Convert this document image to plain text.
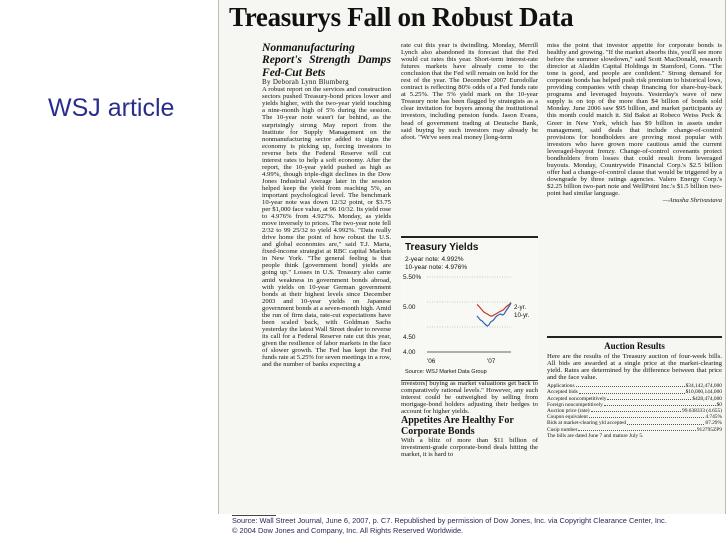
WSJ article
Treasurys Fall on Robust Data

Nonmanufacturing Report's Strength Damps Fed-Cut Bets

By Deborah Lynn Blumberg

A robust report on the services and construction sectors pushed Treasury-bond prices lower and yields higher, with the two-year yield touching a nine-month high of 5% during the session. The 10-year note wasn't far behind, as the surprisingly strong May report from the Institute for Supply Management on the nonmanufacturing sector added to signs the economy is picking up, forcing investors to reverse bets the Federal Reserve will cut interest rates to help a soft economy. After the report, the 10-year yield pushed as high as 4.99%, though triple-digit declines in the Dow Jones Industrial Average later in the session helped keep the yield from reaching 5%, an important psychological level. The benchmark 10-year note was down 12/32 point, or $3.75 per $1,000 face value, at 96 10/32. Its yield rose to 4.976% from 4.927%. Monday, as yields move inversely to prices. The two-year note fell 2/32 to 99 25/32 to yield 4.992%. "Data really drive home the point of how robust the U.S. and global economies are," said T.J. Marta, fixed-income strategist at RBC capital Markets in New York. "The general feeling is that people think [government bond] yields are going up." Losses in U.S. Treasury also came amid weakness in government bonds abroad, with yields on 10-year German government bonds at their highest levels since December 2003 and 10-year yields on Japanese government bonds at a seven-month high. Amid the run of firm data, rate-cut expectations have been scaled back, with Goldman Sachs yesterday the latest Wall Street dealer to reverse its call for a Federal Reserve rate cut this year, given the resilience of labor markets in the face of slower growth. The Fed has kept the Fed funds rate at 5.25% for seven meetings in a row, and the number of banks expecting a

rate cut this year is dwindling. Monday, Merrill Lynch also abandoned its forecast that the Fed would cut rates this year. Short-term interest-rate futures markets have already come to the conclusion that the Fed will remain on hold for the rest of the year. The December 2007 Eurodollar contract is reflecting 80% odds of a Fed funds rate at 5.25%. The 5% yield mark on the 10-year Treasury note has been flagged by strategists as a clear invitation for buyers among the institutional investors, including pension funds. Jason Evans, head of government trading at Deutsche Bank, said buying by such investors may already be afoot. "We've seen real money [long-term

Treasury Yields
2-year note: 4.992%
10-year note: 4.976%
5.50%
5.00
4.50
4.00
'06	'07
2-yr.
10-yr.
Source: WSJ Market Data Group

investors] buying as market valuations get back to comparatively rational levels." However, any such interest could be outweighed by selling from mortgage-bond holders adjusting their hedges to account for higher yields.

Appetites Are Healthy For Corporate Bonds

With a blitz of more than $11 billion of investment-grade corporate-bond deals hitting the market, it is hard to

miss the point that investor appetite for corporate bonds is healthy and growing. "If the market absorbs this, you'll see more before the summer slowdown," said Scott MacDonald, research director at Aladdin Capital Holdings in Stamford, Conn. "The tone is good, and people are confident." Strong demand for corporate bonds has helped push risk premium to historical lows, providing companies with cheap financing for share-buy-back programs and leveraged buyouts. Yesterday's wave of new supply is on top of the more than $4 billion of bonds sold Monday. June 2006 saw $95 billion, and market participants ay this month could match it. Sid Bakst at Robeco Weiss Peck & Greer in New York, which has $9 billion in assets under management, said deals that include change-of-control provisions for bondholders are proving most popular with investors who have grown more cautious amid the current leveraged-buyout frenzy. Change-of-control covenants protect bondholders from losses that could result from leveraged buyouts. Monday, Countrywide Financial Corp.'s $2.5 billion offer had a change-of-control clause that would be triggered by a downgrade by three ratings agencies. Valero Energy Corp.'s $2.25 billion two-part note and WellPoint Inc.'s $1.5 billion two-point had similar language.

—Anusha Shrivastava

Auction Results

Here are the results of the Treasury auction of four-week bills. All bids are awarded at a single price at the market-clearing yield. Rates are determined by the difference between that price and the face value.

Applications	$34,142,474,000
Accepted bids	$10,000,144,000
Accepted noncompetitively	$428,474,000
Foreign noncompetitively	$0
Auction price (rate)	99.638333 (4.655)
Coupon equivalent	4.745%
Bids at market-clearing yld accepted	87.29%
Cusip number	912795ZP9
The bills are dated June 7 and mature July 5.
Source: Wall Street Journal, June 6, 2007, p. C7. Republished by permission of Dow Jones, Inc. via Copyright Clearance Center, Inc.
© 2004 Dow Jones and Company, Inc. All Rights Reserved Worldwide.
